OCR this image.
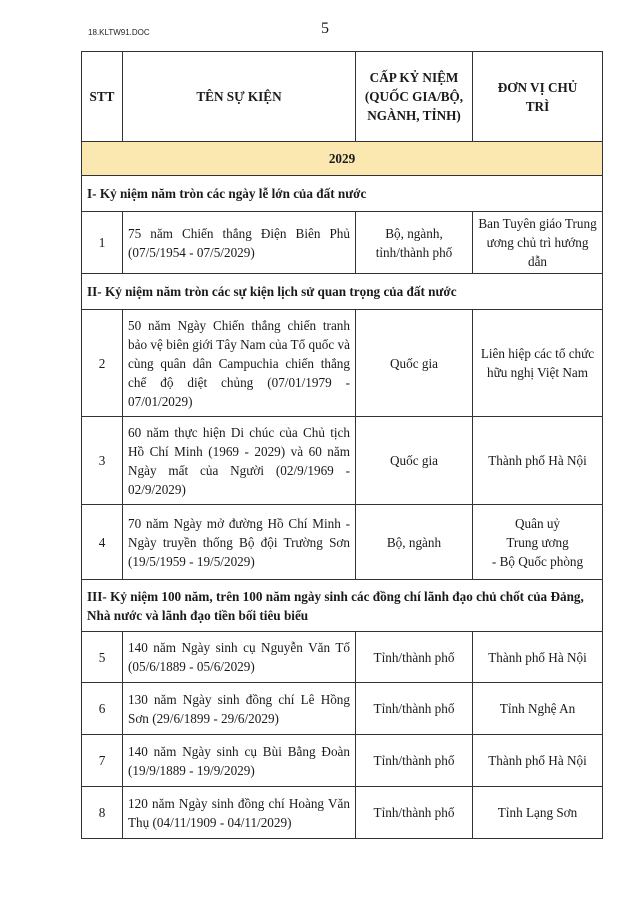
18.KLTW91.DOC	5
STT	TÊN SỰ KIỆN	CẤP KỶ NIỆM (QUỐC GIA/BỘ, NGÀNH, TỈNH)	ĐƠN VỊ CHỦ TRÌ
2029			
I- Kỷ niệm năm tròn các ngày lễ lớn của đất nước			
1	75 năm Chiến thắng Điện Biên Phủ (07/5/1954 - 07/5/2029)	Bộ, ngành, tỉnh/thành phố	Ban Tuyên giáo Trung ương chủ trì hướng dẫn
II- Kỷ niệm năm tròn các sự kiện lịch sử quan trọng của đất nước			
2	50 năm Ngày Chiến thắng chiến tranh bảo vệ biên giới Tây Nam của Tổ quốc và cùng quân dân Campuchia chiến thắng chế độ diệt chủng (07/01/1979 - 07/01/2029)	Quốc gia	Liên hiệp các tổ chức hữu nghị Việt Nam
3	60 năm thực hiện Di chúc của Chủ tịch Hồ Chí Minh (1969 - 2029) và 60 năm Ngày mất của Người (02/9/1969 - 02/9/2029)	Quốc gia	Thành phố Hà Nội
4	70 năm Ngày mở đường Hồ Chí Minh - Ngày truyền thống Bộ đội Trường Sơn (19/5/1959 - 19/5/2029)	Bộ, ngành	Quân uỷ
Trung ương
- Bộ Quốc phòng

III- Kỷ niệm 100 năm, trên 100 năm ngày sinh các đồng chí lãnh đạo chủ chốt của Đảng, Nhà nước và lãnh đạo tiền bối tiêu biểu			
5	140 năm Ngày sinh cụ Nguyễn Văn Tố (05/6/1889 - 05/6/2029)	Tỉnh/thành phố	Thành phố Hà Nội
6	130 năm Ngày sinh đồng chí Lê Hồng Sơn (29/6/1899 - 29/6/2029)	Tỉnh/thành phố	Tỉnh Nghệ An
7	140 năm Ngày sinh cụ Bùi Bằng Đoàn (19/9/1889 - 19/9/2029)	Tỉnh/thành phố	Thành phố Hà Nội
8	120 năm Ngày sinh đồng chí Hoàng Văn Thụ (04/11/1909 - 04/11/2029)	Tỉnh/thành phố	Tỉnh Lạng Sơn
